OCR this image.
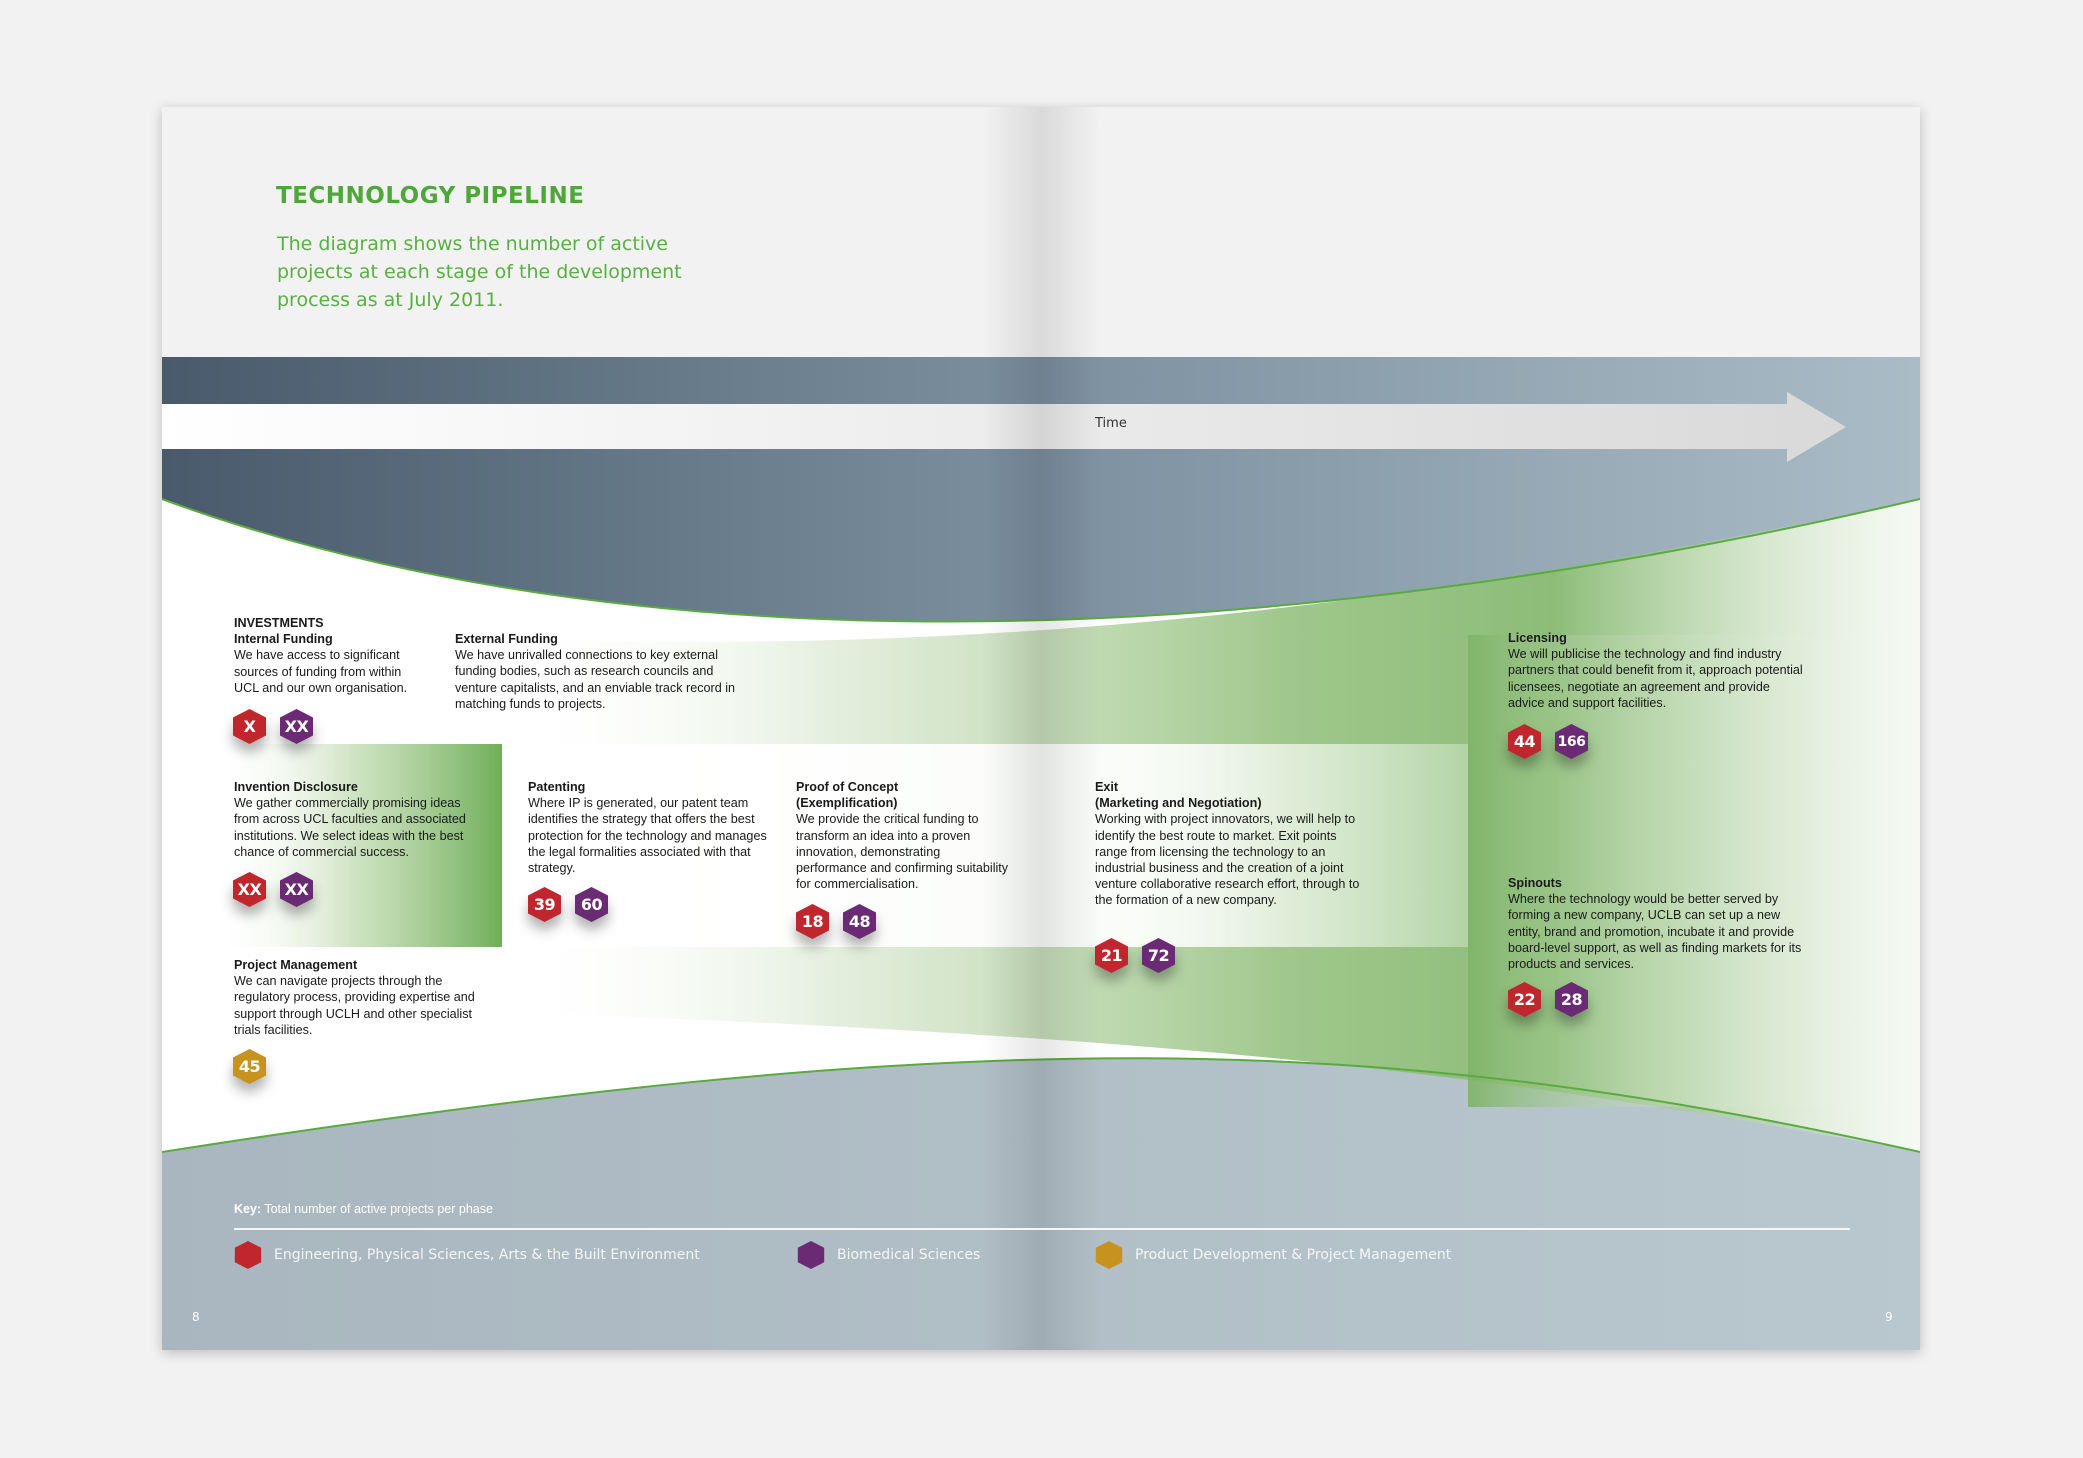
TECHNOLOGY PIPELINE

The diagram shows the number of active projects at each stage of the development process as at July 2011.

Time
INVESTMENTS
Internal Funding

We have access to significant sources of funding from within UCL and our own organisation.

X XX
External Funding

We have unrivalled connections to key external funding bodies, such as research councils and venture capitalists, and an enviable track record in matching funds to projects.

Invention Disclosure

We gather commercially promising ideas from across UCL faculties and associated institutions. We select ideas with the best chance of commercial success.

XX XX
Patenting

Where IP is generated, our patent team identifies the strategy that offers the best protection for the technology and manages the legal formalities associated with that strategy.

39 60
Proof of Concept
(Exemplification)

We provide the critical funding to transform an idea into a proven innovation, demonstrating performance and confirming suitability for commercialisation.

18 48
Exit
(Marketing and Negotiation)

Working with project innovators, we will help to identify the best route to market. Exit points range from licensing the technology to an industrial business and the creation of a joint venture collaborative research effort, through to the formation of a new company.

21 72
Project Management

We can navigate projects through the regulatory process, providing expertise and support through UCLH and other specialist trials facilities.

45
Licensing

We will publicise the technology and find industry partners that could benefit from it, approach potential licensees, negotiate an agreement and provide advice and support facilities.

44 166
Spinouts

Where the technology would be better served by forming a new company, UCLB can set up a new entity, brand and promotion, incubate it and provide board-level support, as well as finding markets for its products and services.

22 28
Key: Total number of active projects per phase
Engineering, Physical Sciences, Arts & the Built Environment	Biomedical Sciences	Product Development & Project Management
8	9
